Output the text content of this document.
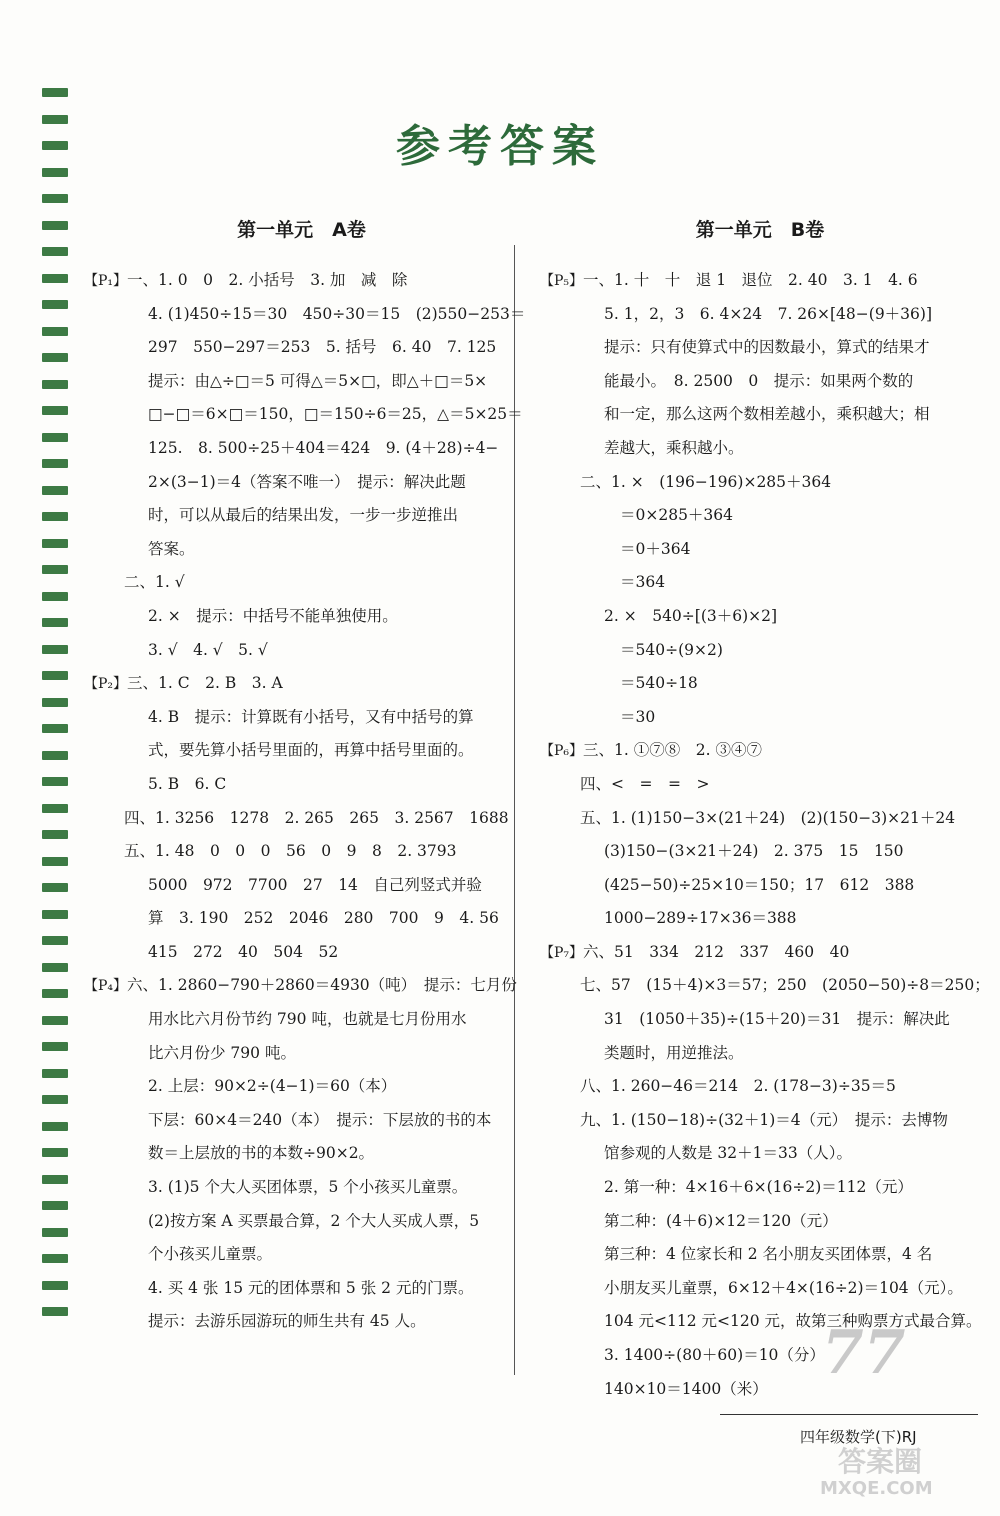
参考答案
第一单元　A卷
【P₁】一、1. 0　0　2. 小括号　3. 加　减　除
4. (1)450÷15＝30　450÷30＝15　(2)550−253＝
297　550−297＝253　5. 括号　6. 40　7. 125
提示：由△÷□＝5 可得△＝5×□，即△＋□＝5×
□−□＝6×□＝150，□＝150÷6＝25，△＝5×25＝
125.　8. 500÷25＋404＝424　9. (4＋28)÷4−
2×(3−1)＝4（答案不唯一）　提示：解决此题
时，可以从最后的结果出发，一步一步逆推出
答案。
二、1. √
2. ×　提示：中括号不能单独使用。
3. √　4. √　5. √
【P₂】三、1. C　2. B　3. A
4. B　提示：计算既有小括号，又有中括号的算
式，要先算小括号里面的，再算中括号里面的。
5. B　6. C
四、1. 3256　1278　2. 265　265　3. 2567　1688
五、1. 48　0　0　0　56　0　9　8　2. 3793
5000　972　7700　27　14　自己列竖式并验
算　3. 190　252　2046　280　700　9　4. 56
415　272　40　504　52
【P₄】六、1. 2860−790＋2860＝4930（吨）　提示：七月份
用水比六月份节约 790 吨，也就是七月份用水
比六月份少 790 吨。
2. 上层：90×2÷(4−1)＝60（本）
下层：60×4＝240（本）　提示：下层放的书的本
数＝上层放的书的本数÷90×2。
3. (1)5 个大人买团体票，5 个小孩买儿童票。
(2)按方案 A 买票最合算，2 个大人买成人票，5
个小孩买儿童票。
4. 买 4 张 15 元的团体票和 5 张 2 元的门票。
提示：去游乐园游玩的师生共有 45 人。
第一单元　B卷
【P₅】一、1. 十　十　退 1　退位　2. 40　3. 1　4. 6
5. 1，2，3　6. 4×24　7. 26×[48−(9＋36)]
提示：只有使算式中的因数最小，算式的结果才
能最小。　8. 2500　0　提示：如果两个数的
和一定，那么这两个数相差越小，乘积越大；相
差越大，乘积越小。
二、1. ×　(196−196)×285＋364
＝0×285＋364
＝0＋364
＝364
2. ×　540÷[(3＋6)×2]
＝540÷(9×2)
＝540÷18
＝30
【P₆】三、1. ①⑦⑧　2. ③④⑦
四、<　=　=　>
五、1. (1)150−3×(21＋24)　(2)(150−3)×21＋24
(3)150−(3×21＋24)　2. 375　15　150
(425−50)÷25×10＝150；17　612　388
1000−289÷17×36＝388
【P₇】六、51　334　212　337　460　40
七、57　(15＋4)×3＝57；250　(2050−50)÷8＝250；
31　(1050＋35)÷(15＋20)＝31　提示：解决此
类题时，用逆推法。
八、1. 260−46＝214　2. (178−3)÷35＝5
九、1. (150−18)÷(32＋1)＝4（元）　提示：去博物
馆参观的人数是 32＋1＝33（人）。
2. 第一种：4×16＋6×(16÷2)＝112（元）
第二种：(4＋6)×12＝120（元）
第三种：4 位家长和 2 名小朋友买团体票，4 名
小朋友买儿童票，6×12＋4×(16÷2)＝104（元）。
104 元<112 元<120 元，故第三种购票方式最合算。
3. 1400÷(80＋60)＝10（分）
140×10＝1400（米）
77
四年级数学(下)RJ
答案圈
MXQE.COM
